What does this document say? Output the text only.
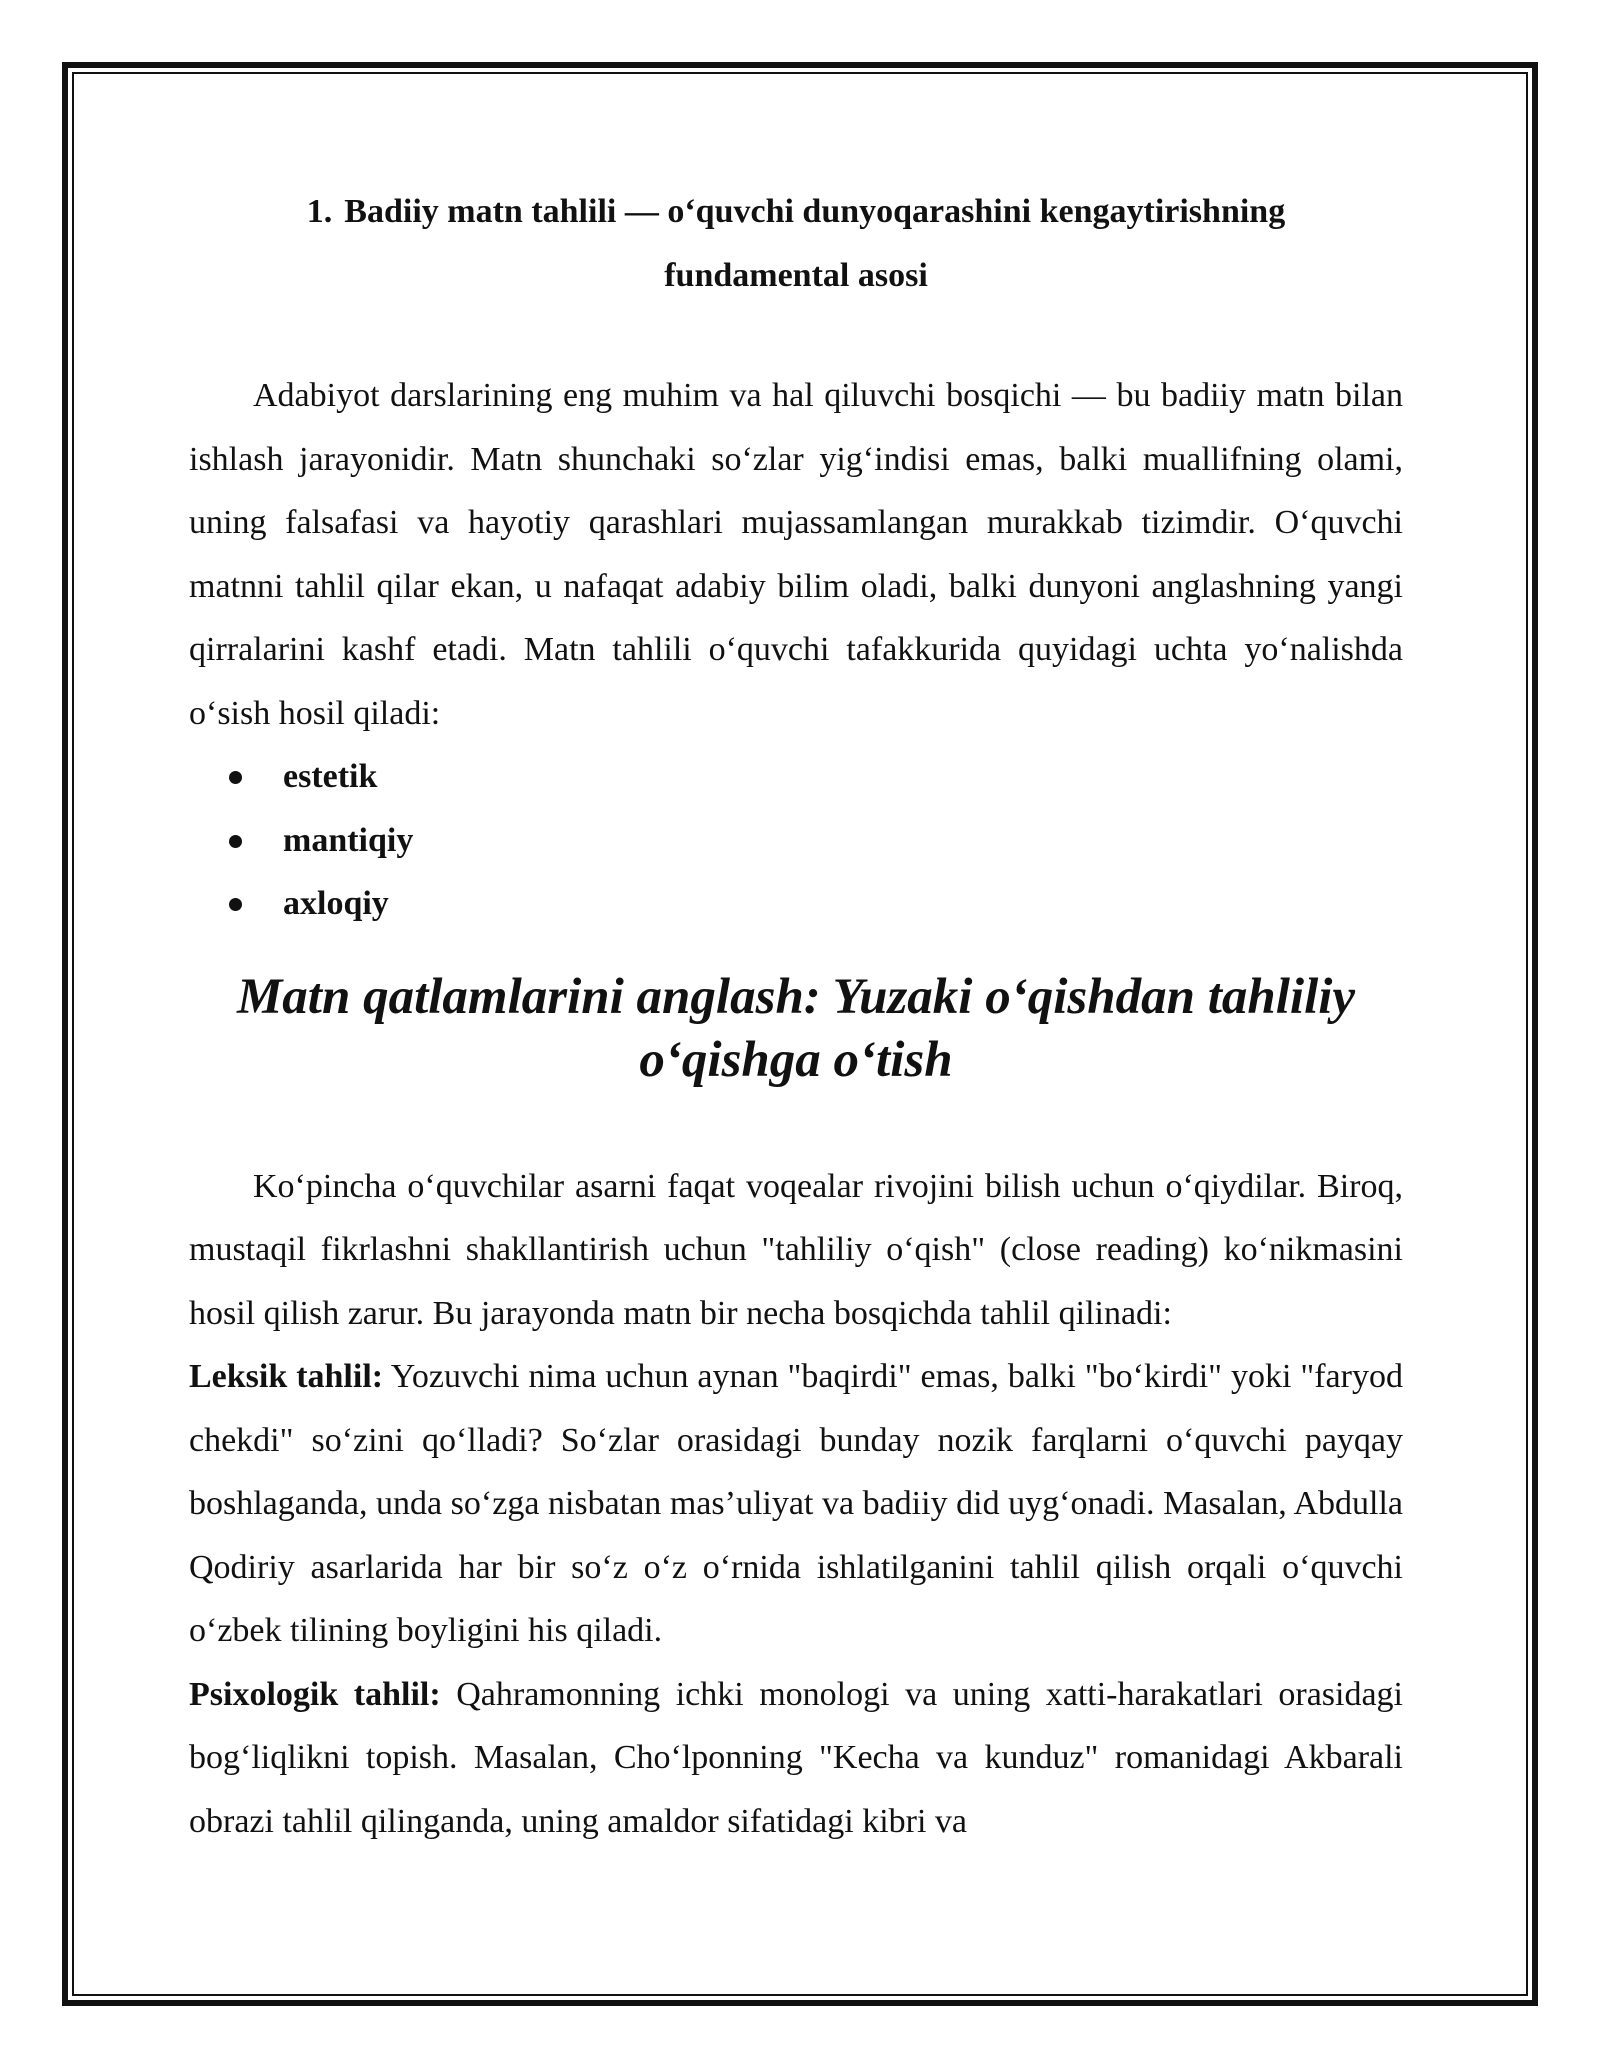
1. Badiiy matn tahlili — o‘quvchi dunyoqarashini kengaytirishning fundamental asosi

Adabiyot darslarining eng muhim va hal qiluvchi bosqichi — bu badiiy matn bilan ishlash jarayonidir. Matn shunchaki so‘zlar yig‘indisi emas, balki muallifning olami, uning falsafasi va hayotiy qarashlari mujassamlangan murakkab tizimdir. O‘quvchi matnni tahlil qilar ekan, u nafaqat adabiy bilim oladi, balki dunyoni anglashning yangi qirralarini kashf etadi. Matn tahlili o‘quvchi tafakkurida quyidagi uchta yo‘nalishda o‘sish hosil qiladi:

estetik
mantiqiy
axloqiy
Matn qatlamlarini anglash: Yuzaki o‘qishdan tahliliy o‘qishga o‘tish

Ko‘pincha o‘quvchilar asarni faqat voqealar rivojini bilish uchun o‘qiydilar. Biroq, mustaqil fikrlashni shakllantirish uchun "tahliliy o‘qish" (close reading) ko‘nikmasini hosil qilish zarur. Bu jarayonda matn bir necha bosqichda tahlil qilinadi:

Leksik tahlil: Yozuvchi nima uchun aynan "baqirdi" emas, balki "bo‘kirdi" yoki "faryod chekdi" so‘zini qo‘lladi? So‘zlar orasidagi bunday nozik farqlarni o‘quvchi payqay boshlaganda, unda so‘zga nisbatan mas’uliyat va badiiy did uyg‘onadi. Masalan, Abdulla Qodiriy asarlarida har bir so‘z o‘z o‘rnida ishlatilganini tahlil qilish orqali o‘quvchi o‘zbek tilining boyligini his qiladi.

Psixologik tahlil: Qahramonning ichki monologi va uning xatti-harakatlari orasidagi bog‘liqlikni topish. Masalan, Cho‘lponning "Kecha va kunduz" romanidagi Akbarali obrazi tahlil qilinganda, uning amaldor sifatidagi kibri va
